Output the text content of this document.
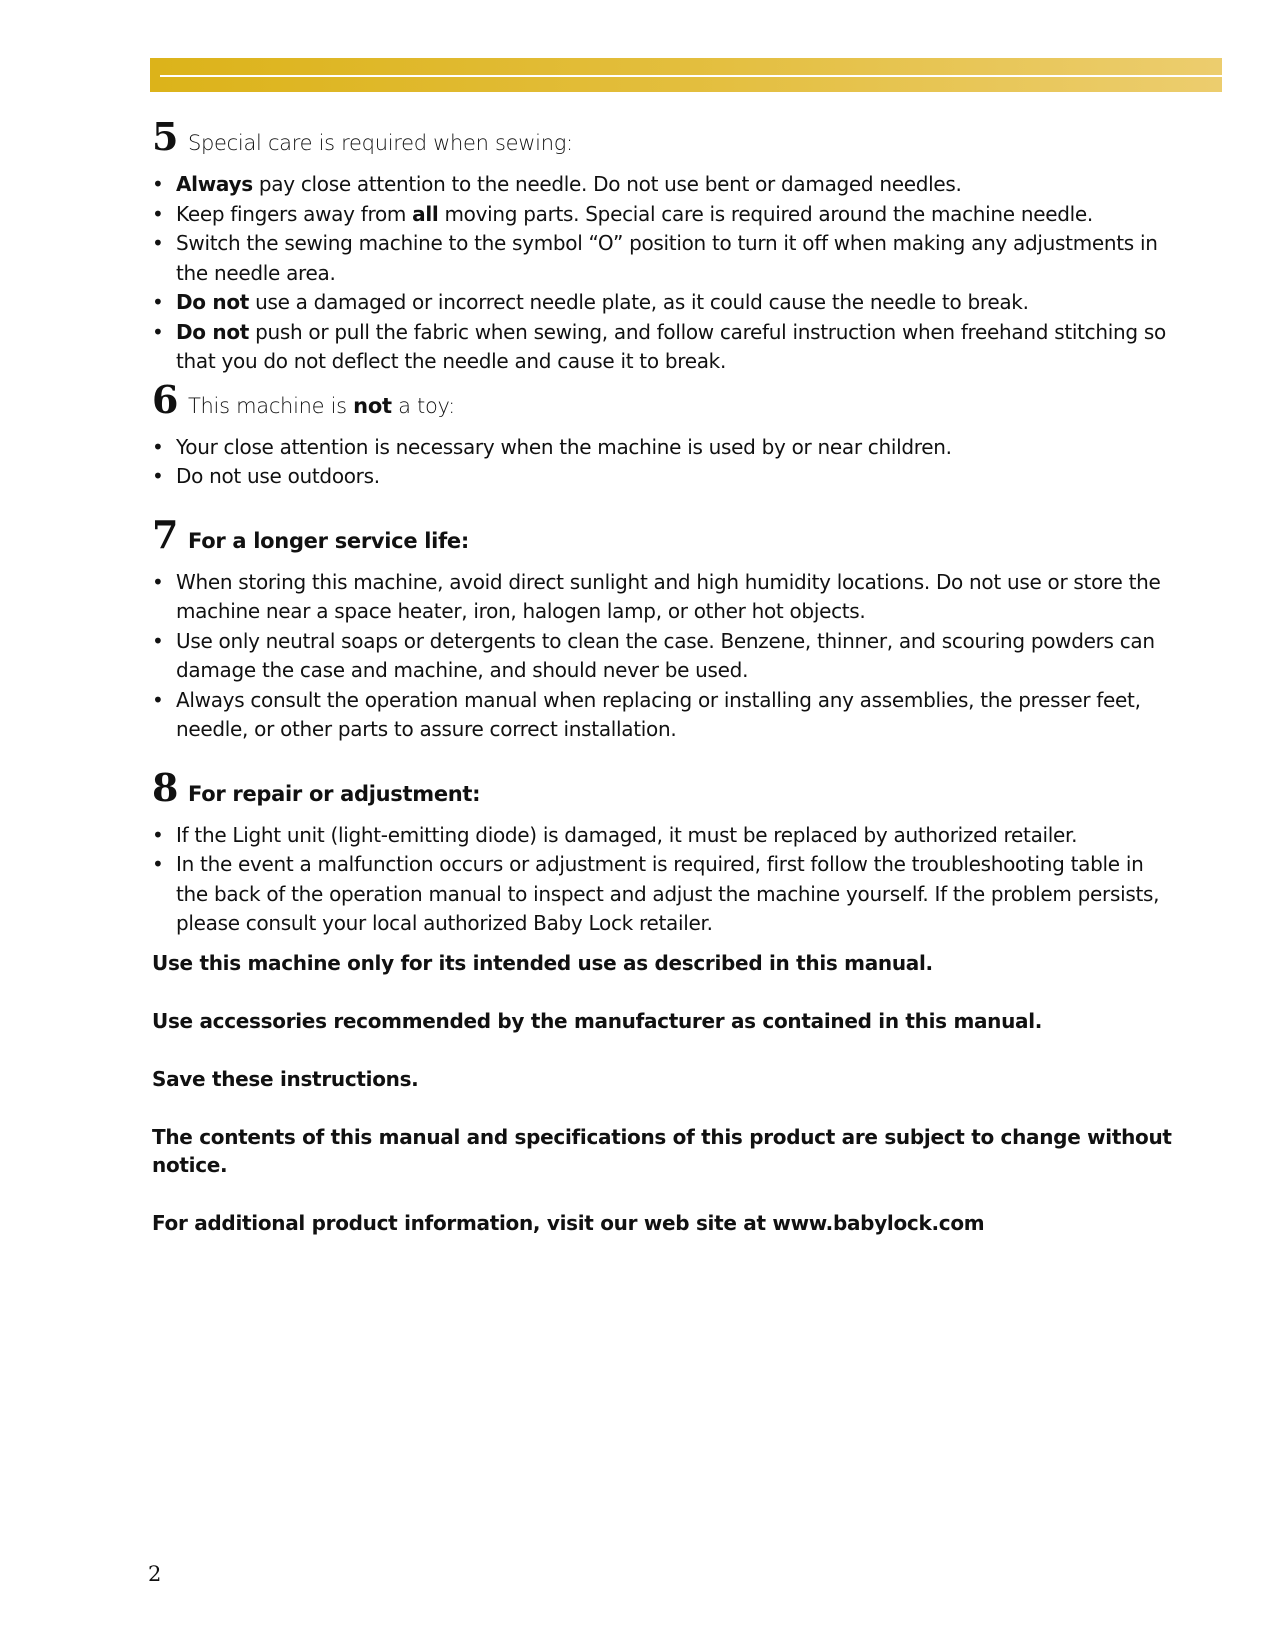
5 Special care is required when sewing:
• Always pay close attention to the needle. Do not use bent or damaged needles.
• Keep fingers away from all moving parts. Special care is required around the machine needle.
• Switch the sewing machine to the symbol “O” position to turn it off when making any adjustments in the needle area.
• Do not use a damaged or incorrect needle plate, as it could cause the needle to break.
• Do not push or pull the fabric when sewing, and follow careful instruction when freehand stitching so that you do not deflect the needle and cause it to break.
6 This machine is not a toy:
• Your close attention is necessary when the machine is used by or near children.
• Do not use outdoors.
7 For a longer service life:
• When storing this machine, avoid direct sunlight and high humidity locations. Do not use or store the machine near a space heater, iron, halogen lamp, or other hot objects.
• Use only neutral soaps or detergents to clean the case. Benzene, thinner, and scouring powders can damage the case and machine, and should never be used.
• Always consult the operation manual when replacing or installing any assemblies, the presser feet, needle, or other parts to assure correct installation.
8 For repair or adjustment:
• If the Light unit (light-emitting diode) is damaged, it must be replaced by authorized retailer.
• In the event a malfunction occurs or adjustment is required, first follow the troubleshooting table in the back of the operation manual to inspect and adjust the machine yourself. If the problem persists, please consult your local authorized Baby Lock retailer.

Use this machine only for its intended use as described in this manual.

Use accessories recommended by the manufacturer as contained in this manual.

Save these instructions.

The contents of this manual and specifications of this product are subject to change without notice.

For additional product information, visit our web site at www.babylock.com

2
